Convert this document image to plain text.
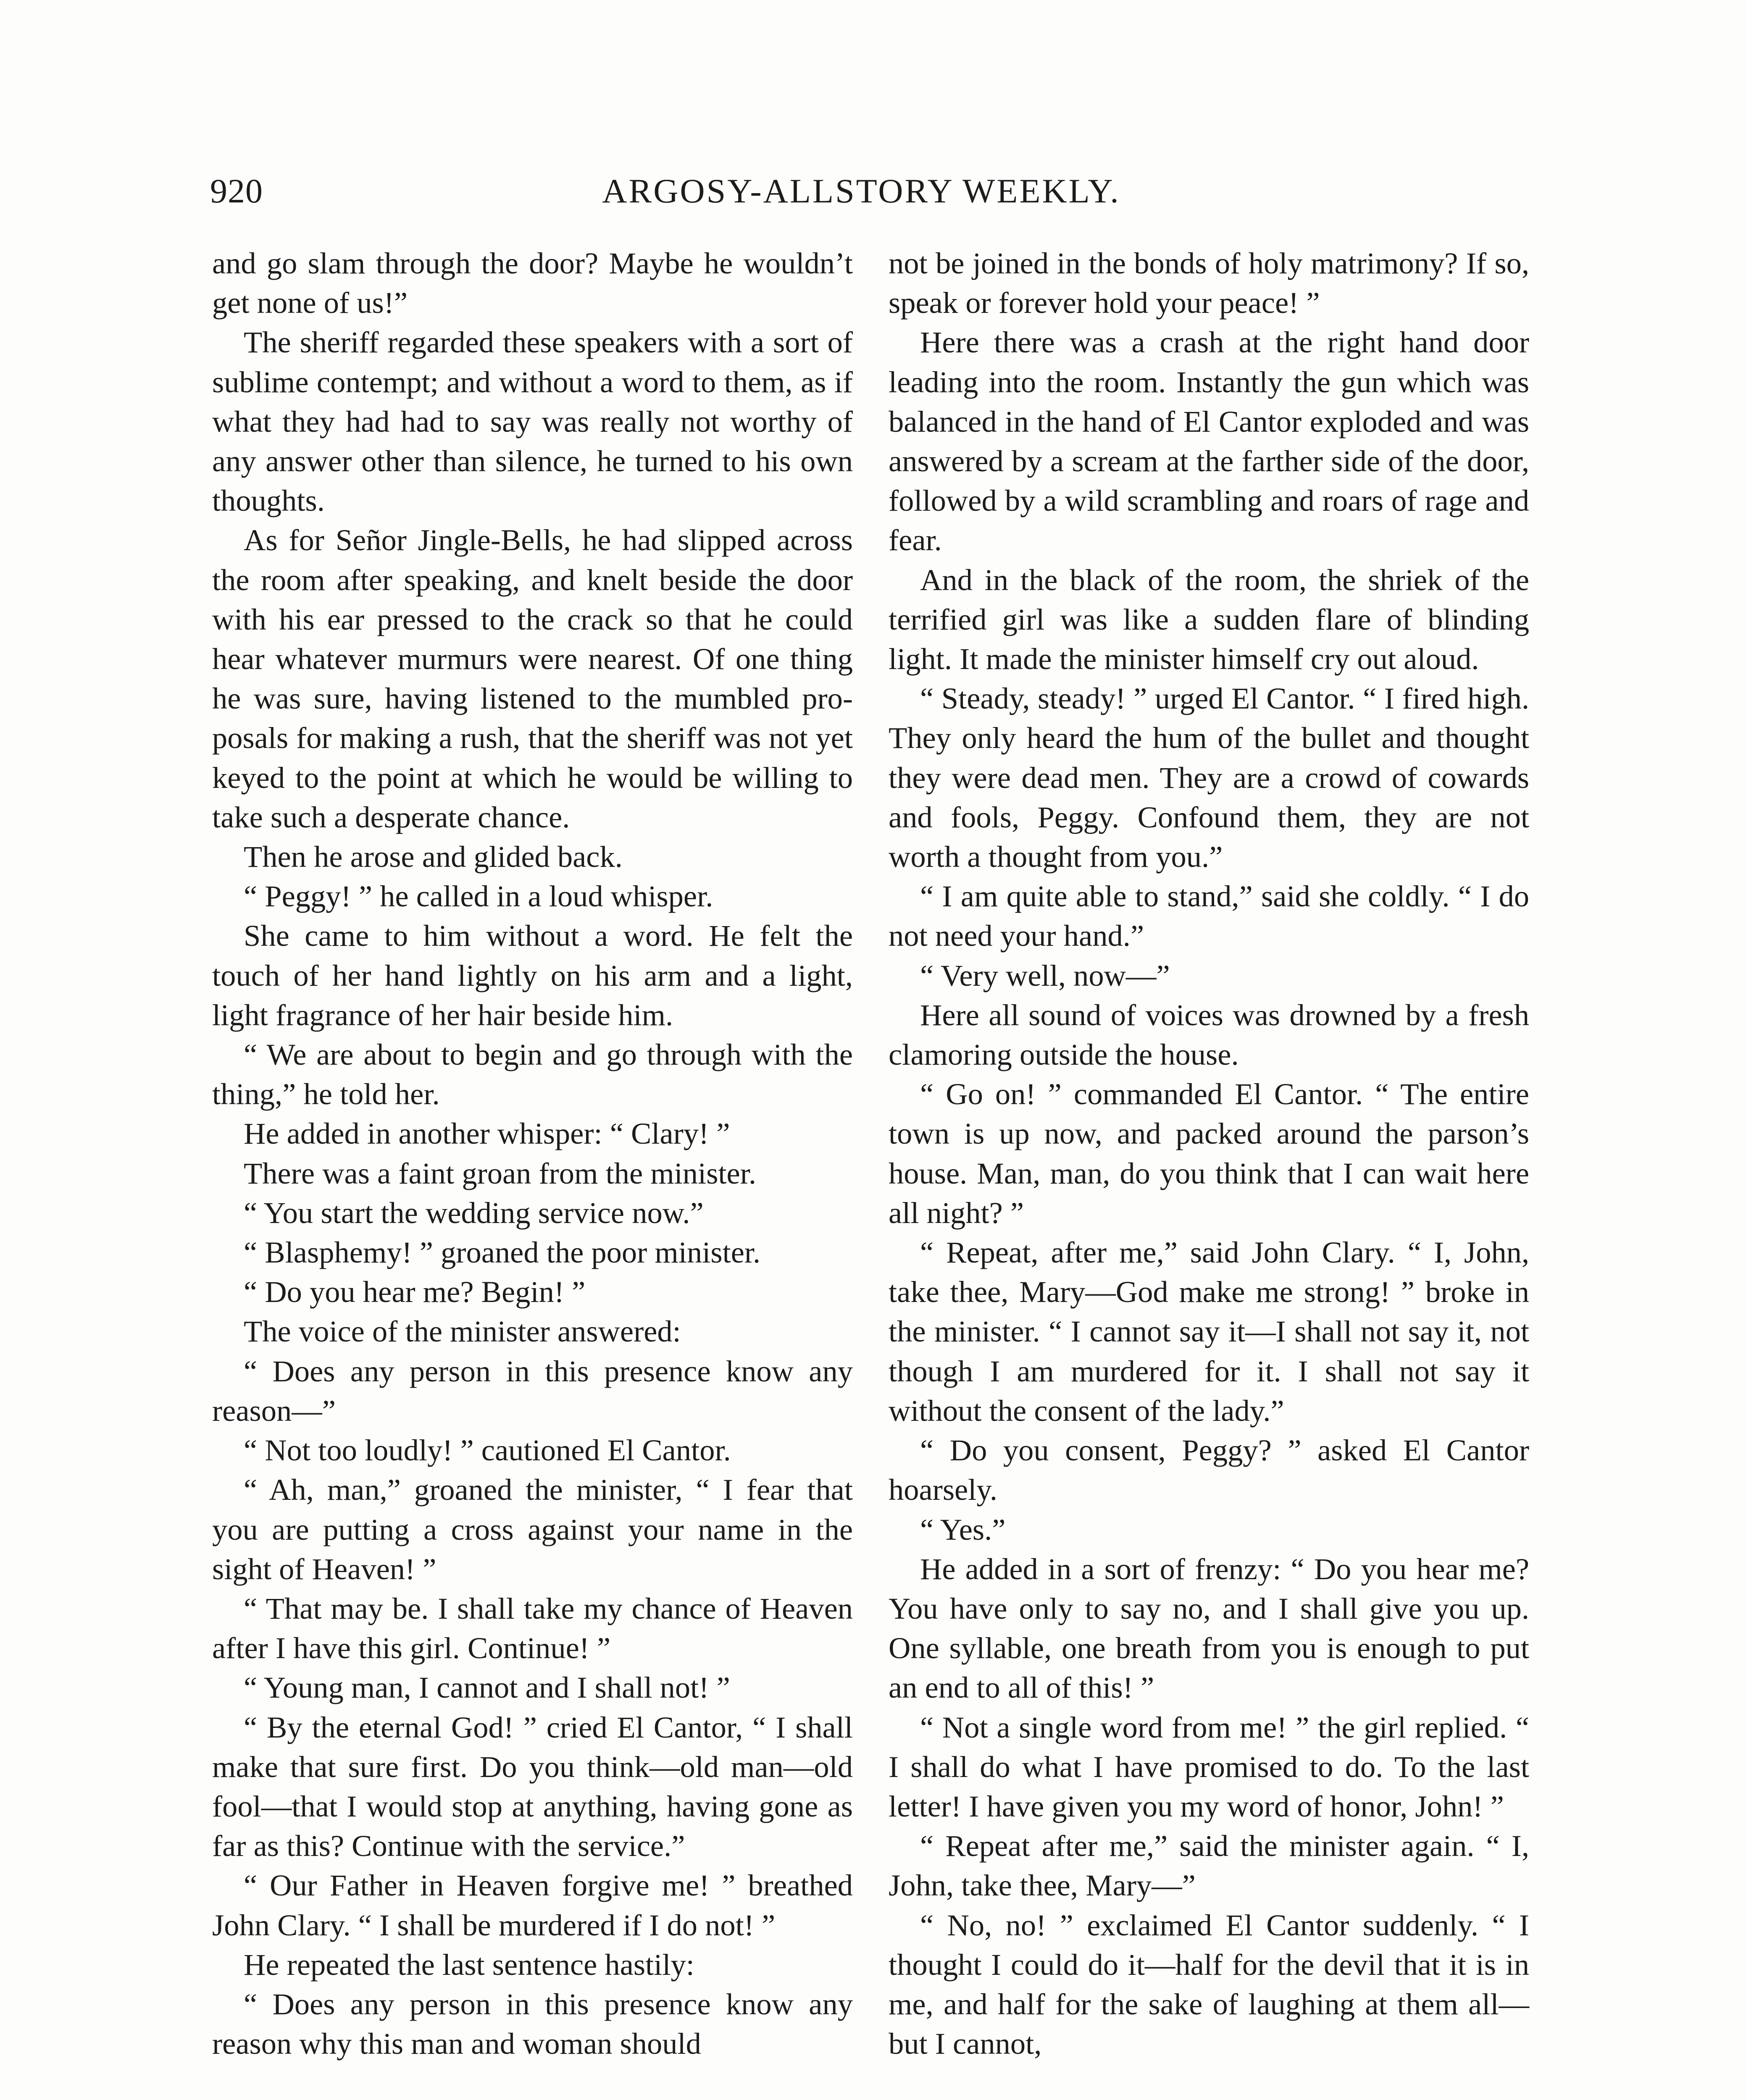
920	ARGOSY-ALLSTORY WEEKLY.

and go slam through the door? Maybe he wouldn’t get none of us!”

The sheriff regarded these speakers with a sort of sublime contempt; and without a word to them, as if what they had had to say was really not worthy of any answer other than silence, he turned to his own thoughts.

As for Señor Jingle-Bells, he had slipped across the room after speaking, and knelt beside the door with his ear pressed to the crack so that he could hear whatever murmurs were nearest. Of one thing he was sure, having listened to the mumbled proposals for making a rush, that the sheriff was not yet keyed to the point at which he would be willing to take such a desperate chance.

Then he arose and glided back.

“ Peggy! ” he called in a loud whisper.

She came to him without a word. He felt the touch of her hand lightly on his arm and a light, light fragrance of her hair beside him.

“ We are about to begin and go through with the thing,” he told her.

He added in another whisper: “ Clary! ”

There was a faint groan from the minister.

“ You start the wedding service now.”

“ Blasphemy! ” groaned the poor minister.

“ Do you hear me? Begin! ”

The voice of the minister answered:

“ Does any person in this presence know any reason—”

“ Not too loudly! ” cautioned El Cantor.

“ Ah, man,” groaned the minister, “ I fear that you are putting a cross against your name in the sight of Heaven! ”

“ That may be. I shall take my chance of Heaven after I have this girl. Continue! ”

“ Young man, I cannot and I shall not! ”

“ By the eternal God! ” cried El Cantor, “ I shall make that sure first. Do you think—old man—old fool—that I would stop at anything, having gone as far as this? Continue with the service.”

“ Our Father in Heaven forgive me! ” breathed John Clary. “ I shall be murdered if I do not! ”

He repeated the last sentence hastily:

“ Does any person in this presence know any reason why this man and woman should

not be joined in the bonds of holy matrimony? If so, speak or forever hold your peace! ”

Here there was a crash at the right hand door leading into the room. Instantly the gun which was balanced in the hand of El Cantor exploded and was answered by a scream at the farther side of the door, followed by a wild scrambling and roars of rage and fear.

And in the black of the room, the shriek of the terrified girl was like a sudden flare of blinding light. It made the minister himself cry out aloud.

“ Steady, steady! ” urged El Cantor. “ I fired high. They only heard the hum of the bullet and thought they were dead men. They are a crowd of cowards and fools, Peggy. Confound them, they are not worth a thought from you.”

“ I am quite able to stand,” said she coldly. “ I do not need your hand.”

“ Very well, now—”

Here all sound of voices was drowned by a fresh clamoring outside the house.

“ Go on! ” commanded El Cantor. “ The entire town is up now, and packed around the parson’s house. Man, man, do you think that I can wait here all night? ”

“ Repeat, after me,” said John Clary. “ I, John, take thee, Mary—God make me strong! ” broke in the minister. “ I cannot say it—I shall not say it, not though I am murdered for it. I shall not say it without the consent of the lady.”

“ Do you consent, Peggy? ” asked El Cantor hoarsely.

“ Yes.”

He added in a sort of frenzy: “ Do you hear me? You have only to say no, and I shall give you up. One syllable, one breath from you is enough to put an end to all of this! ”

“ Not a single word from me! ” the girl replied. “ I shall do what I have promised to do. To the last letter! I have given you my word of honor, John! ”

“ Repeat after me,” said the minister again. “ I, John, take thee, Mary—”

“ No, no! ” exclaimed El Cantor suddenly. “ I thought I could do it—half for the devil that it is in me, and half for the sake of laughing at them all—but I cannot,
